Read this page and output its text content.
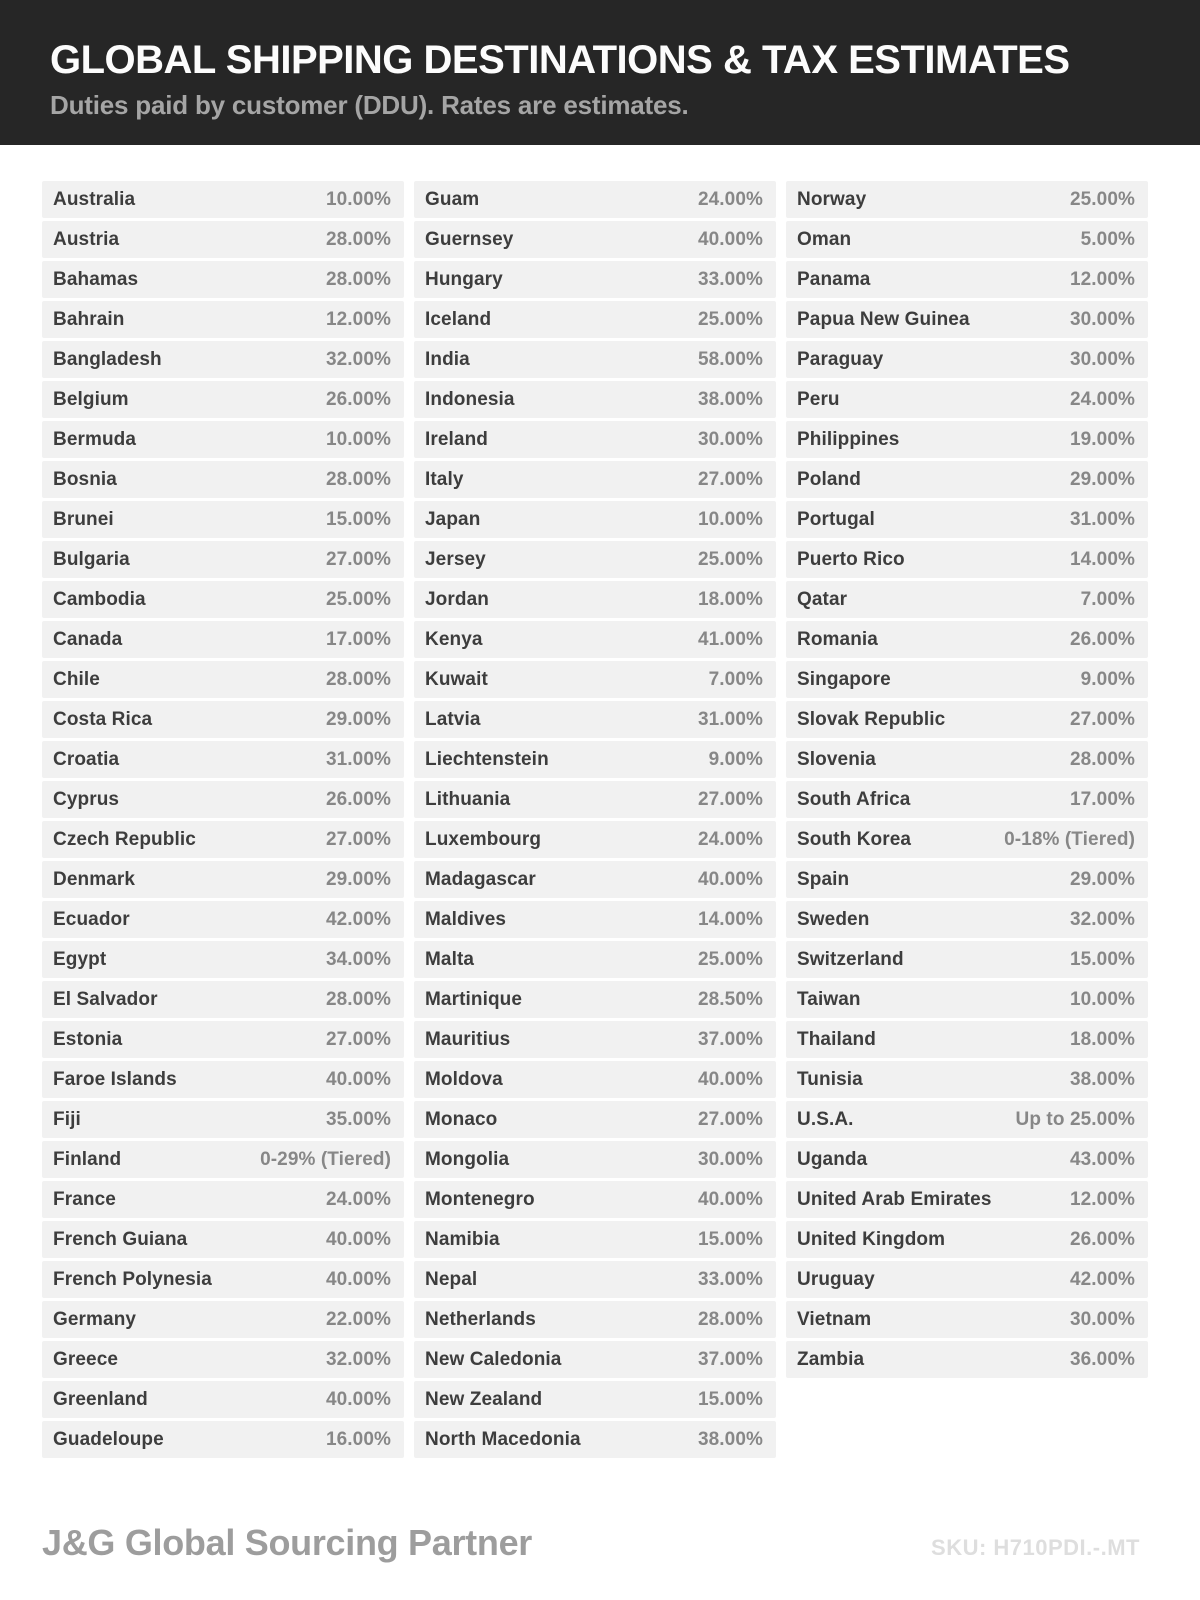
GLOBAL SHIPPING DESTINATIONS & TAX ESTIMATES
Duties paid by customer (DDU). Rates are estimates.
Australia	10.00%
Austria	28.00%
Bahamas	28.00%
Bahrain	12.00%
Bangladesh	32.00%
Belgium	26.00%
Bermuda	10.00%
Bosnia	28.00%
Brunei	15.00%
Bulgaria	27.00%
Cambodia	25.00%
Canada	17.00%
Chile	28.00%
Costa Rica	29.00%
Croatia	31.00%
Cyprus	26.00%
Czech Republic	27.00%
Denmark	29.00%
Ecuador	42.00%
Egypt	34.00%
El Salvador	28.00%
Estonia	27.00%
Faroe Islands	40.00%
Fiji	35.00%
Finland	0-29% (Tiered)
France	24.00%
French Guiana	40.00%
French Polynesia	40.00%
Germany	22.00%
Greece	32.00%
Greenland	40.00%
Guadeloupe	16.00%
Guam	24.00%
Guernsey	40.00%
Hungary	33.00%
Iceland	25.00%
India	58.00%
Indonesia	38.00%
Ireland	30.00%
Italy	27.00%
Japan	10.00%
Jersey	25.00%
Jordan	18.00%
Kenya	41.00%
Kuwait	7.00%
Latvia	31.00%
Liechtenstein	9.00%
Lithuania	27.00%
Luxembourg	24.00%
Madagascar	40.00%
Maldives	14.00%
Malta	25.00%
Martinique	28.50%
Mauritius	37.00%
Moldova	40.00%
Monaco	27.00%
Mongolia	30.00%
Montenegro	40.00%
Namibia	15.00%
Nepal	33.00%
Netherlands	28.00%
New Caledonia	37.00%
New Zealand	15.00%
North Macedonia	38.00%
Norway	25.00%
Oman	5.00%
Panama	12.00%
Papua New Guinea	30.00%
Paraguay	30.00%
Peru	24.00%
Philippines	19.00%
Poland	29.00%
Portugal	31.00%
Puerto Rico	14.00%
Qatar	7.00%
Romania	26.00%
Singapore	9.00%
Slovak Republic	27.00%
Slovenia	28.00%
South Africa	17.00%
South Korea	0-18% (Tiered)
Spain	29.00%
Sweden	32.00%
Switzerland	15.00%
Taiwan	10.00%
Thailand	18.00%
Tunisia	38.00%
U.S.A.	Up to 25.00%
Uganda	43.00%
United Arab Emirates	12.00%
United Kingdom	26.00%
Uruguay	42.00%
Vietnam	30.00%
Zambia	36.00%
J&G Global Sourcing Partner	SKU: H710PDI.-.MT
